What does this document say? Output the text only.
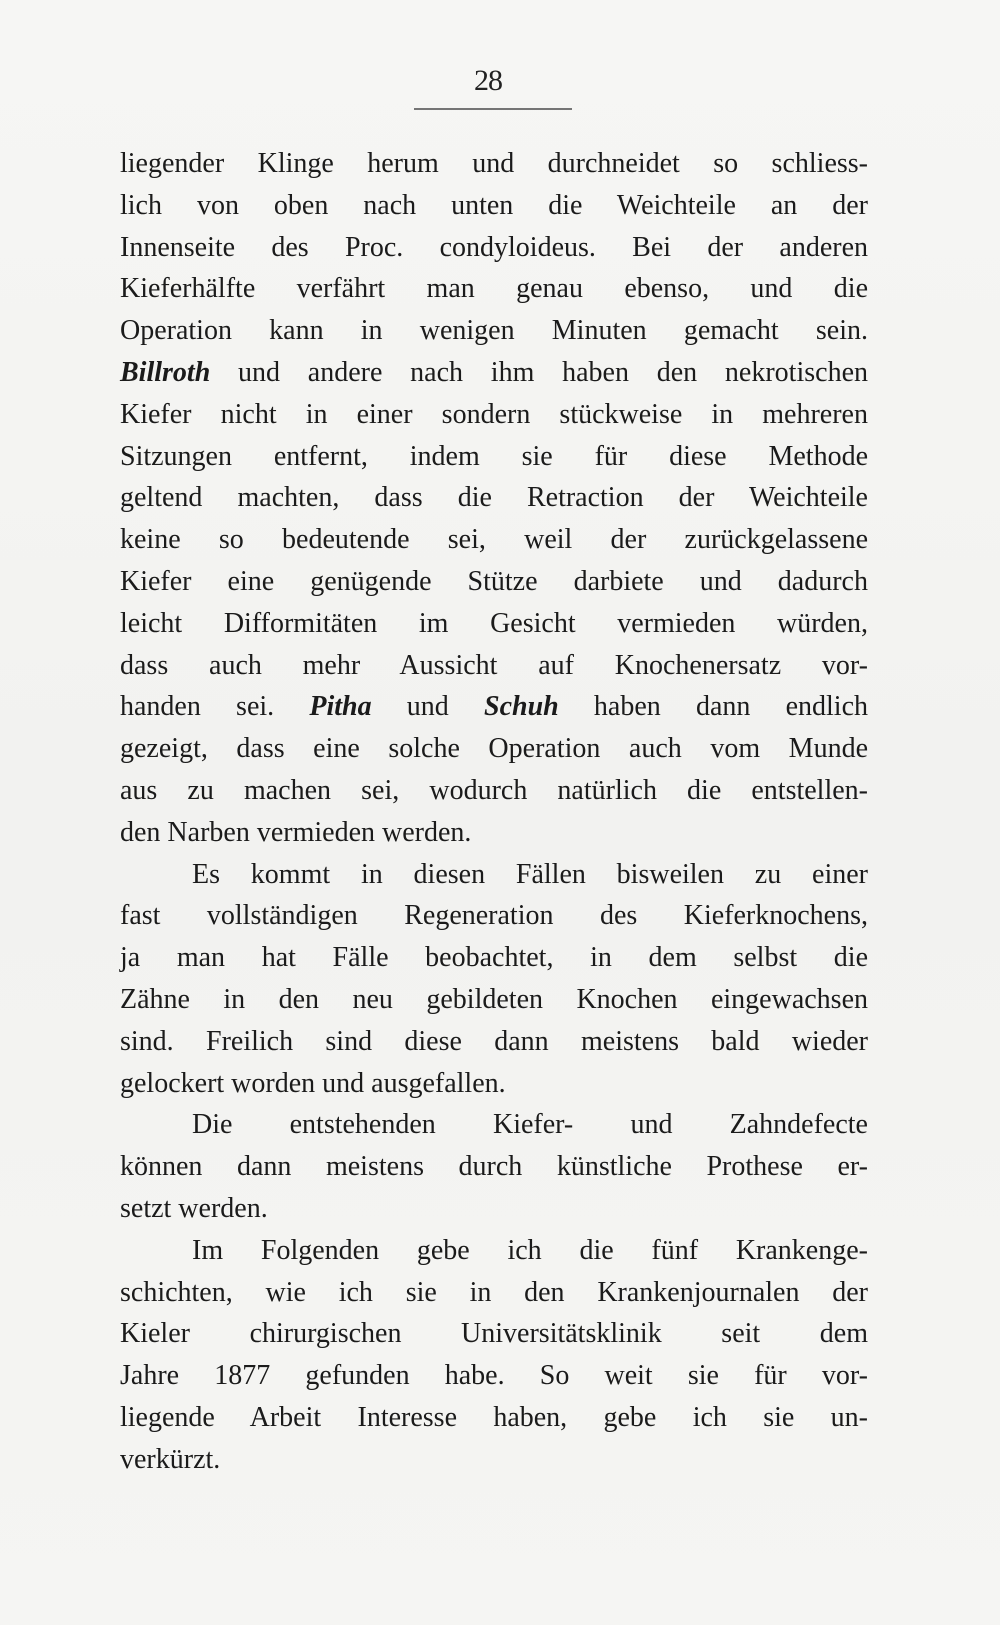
28

liegender Klinge herum und durchneidet so schliess-
lich von oben nach unten die Weichteile an der
Innenseite des Proc. condyloideus. Bei der anderen
Kieferhälfte verfährt man genau ebenso, und die
Operation kann in wenigen Minuten gemacht sein.
Billroth und andere nach ihm haben den nekrotischen
Kiefer nicht in einer sondern stückweise in mehreren
Sitzungen entfernt, indem sie für diese Methode
geltend machten, dass die Retraction der Weichteile
keine so bedeutende sei, weil der zurückgelassene
Kiefer eine genügende Stütze darbiete und dadurch
leicht Difformitäten im Gesicht vermieden würden,
dass auch mehr Aussicht auf Knochenersatz vor-
handen sei. Pitha und Schuh haben dann endlich
gezeigt, dass eine solche Operation auch vom Munde
aus zu machen sei, wodurch natürlich die entstellen-
den Narben vermieden werden.

Es kommt in diesen Fällen bisweilen zu einer
fast vollständigen Regeneration des Kieferknochens,
ja man hat Fälle beobachtet, in dem selbst die
Zähne in den neu gebildeten Knochen eingewachsen
sind. Freilich sind diese dann meistens bald wieder
gelockert worden und ausgefallen.

Die entstehenden Kiefer- und Zahndefecte
können dann meistens durch künstliche Prothese er-
setzt werden.

Im Folgenden gebe ich die fünf Krankenge-
schichten, wie ich sie in den Krankenjournalen der
Kieler chirurgischen Universitätsklinik seit dem
Jahre 1877 gefunden habe. So weit sie für vor-
liegende Arbeit Interesse haben, gebe ich sie un-
verkürzt.
